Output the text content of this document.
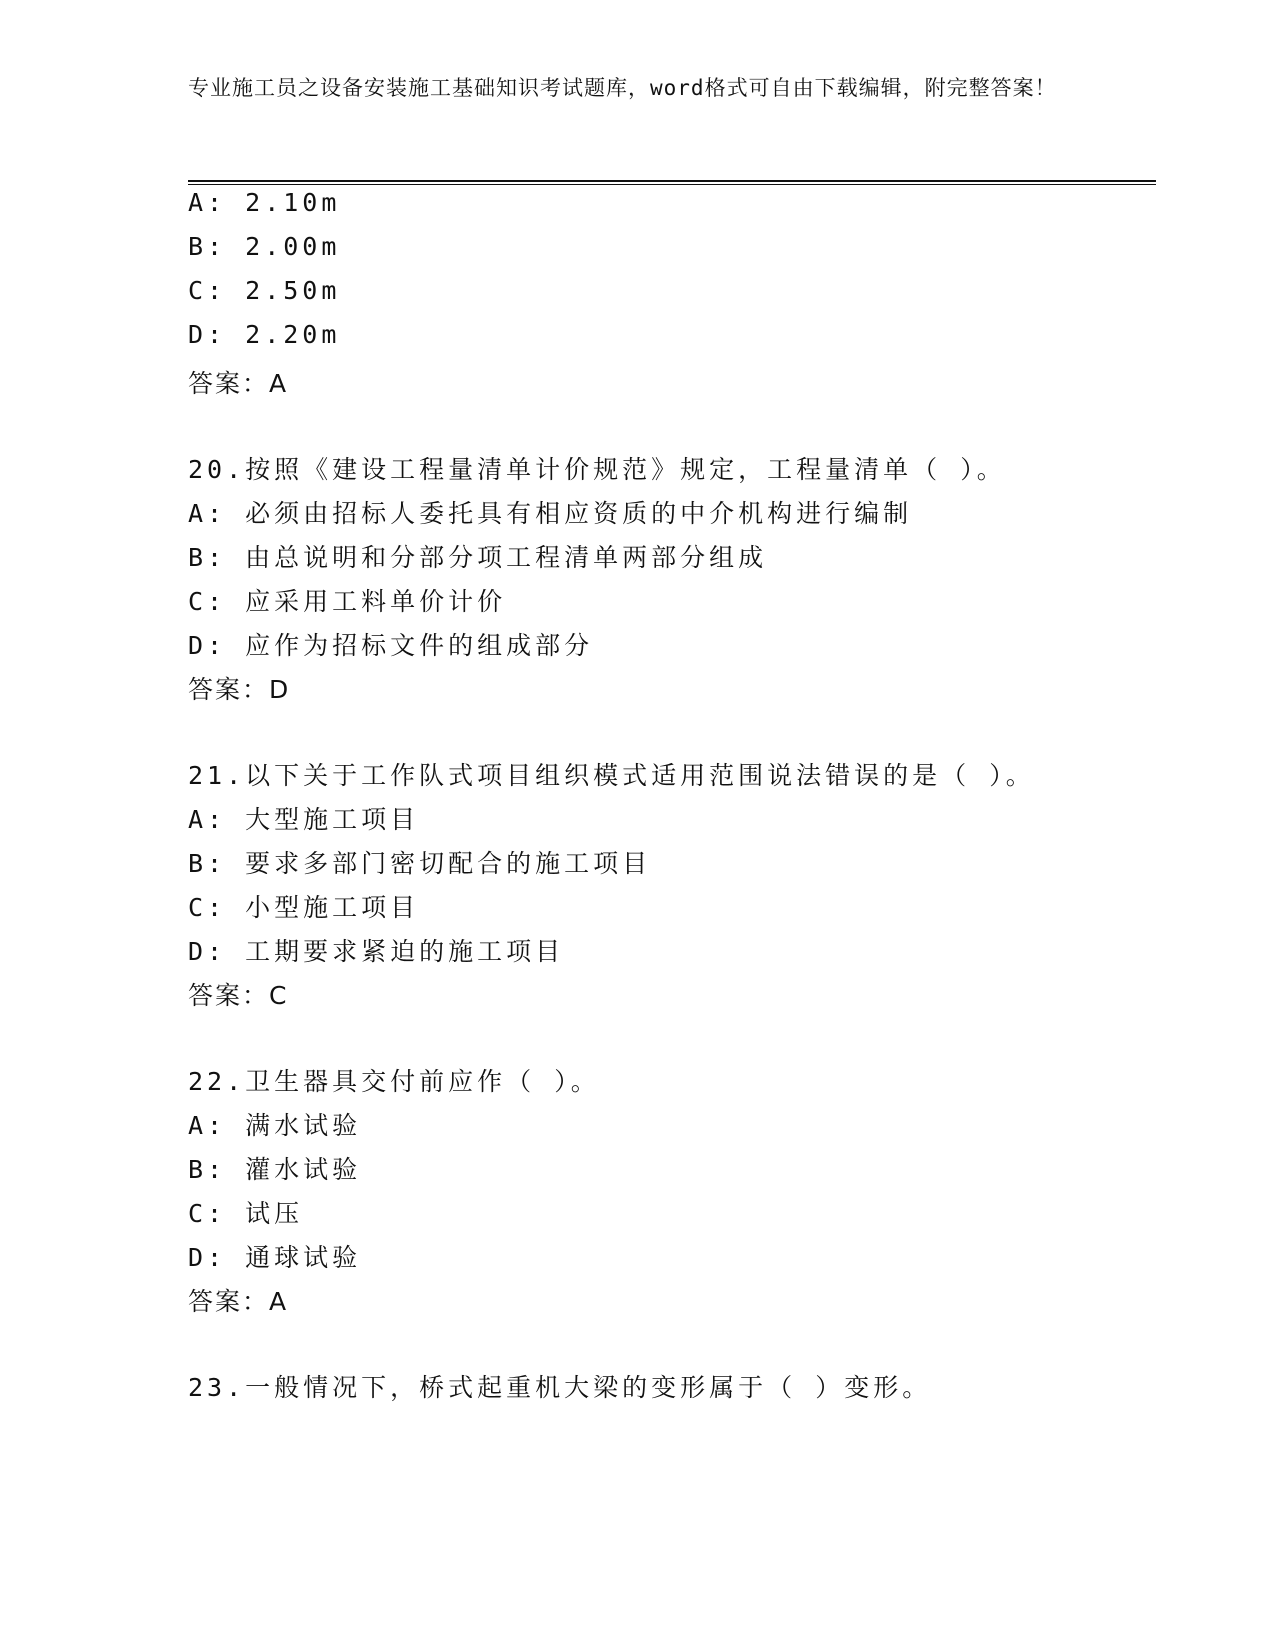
专业施工员之设备安装施工基础知识考试题库，word格式可自由下载编辑，附完整答案！
A: 2.10m
B: 2.00m
C: 2.50m
D: 2.20m
答案：A
20.按照《建设工程量清单计价规范》规定，工程量清单（ ）。
A: 必须由招标人委托具有相应资质的中介机构进行编制
B: 由总说明和分部分项工程清单两部分组成
C: 应采用工料单价计价
D: 应作为招标文件的组成部分
答案：D
21.以下关于工作队式项目组织模式适用范围说法错误的是（ ）。
A: 大型施工项目
B: 要求多部门密切配合的施工项目
C: 小型施工项目
D: 工期要求紧迫的施工项目
答案：C
22.卫生器具交付前应作（ ）。
A: 满水试验
B: 灌水试验
C: 试压
D: 通球试验
答案：A
23.一般情况下，桥式起重机大梁的变形属于（ ）变形。
